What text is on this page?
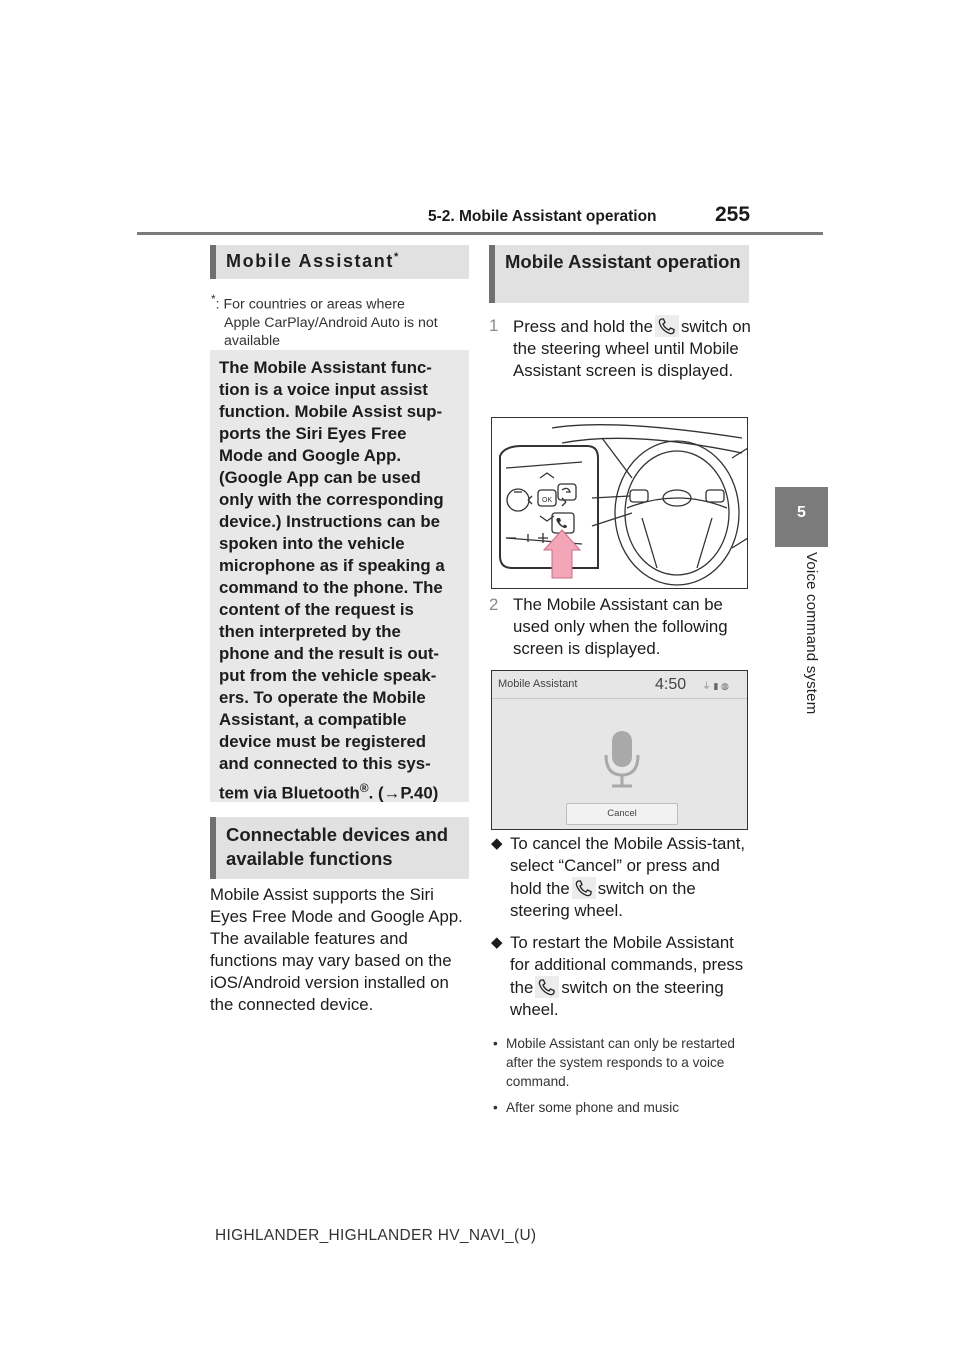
5-2. Mobile Assistant operation	255
5
Voice command system
Mobile Assistant*
*: For countries or areas where
Apple CarPlay/Android Auto is not available
The Mobile Assistant func-
tion is a voice input assist
function. Mobile Assist sup-
ports the Siri Eyes Free
Mode and Google App.
(Google App can be used
only with the corresponding
device.) Instructions can be
spoken into the vehicle
microphone as if speaking a
command to the phone. The
content of the request is
then interpreted by the
phone and the result is out-
put from the vehicle speak-
ers. To operate the Mobile
Assistant, a compatible
device must be registered
and connected to this sys-
tem via Bluetooth®. (→P.40)
Connectable devices and available functions
Mobile Assist supports the Siri Eyes Free Mode and Google App. The available features and functions may vary based on the iOS/Android version installed on the connected device.
Mobile Assistant operation
1 Press and hold the switch on the steering wheel until Mobile Assistant screen is displayed.
OK
2 The Mobile Assistant can be used only when the following screen is displayed.
Mobile Assistant	4:50 ⏚ ▮ ◍
Cancel
◆ To cancel the Mobile Assis-tant, select “Cancel” or press and hold the switch on the steering wheel.
◆ To restart the Mobile Assistant for additional commands, press the switch on the steering wheel.
• Mobile Assistant can only be restarted after the system responds to a voice command.
• After some phone and music
HIGHLANDER_HIGHLANDER HV_NAVI_(U)
